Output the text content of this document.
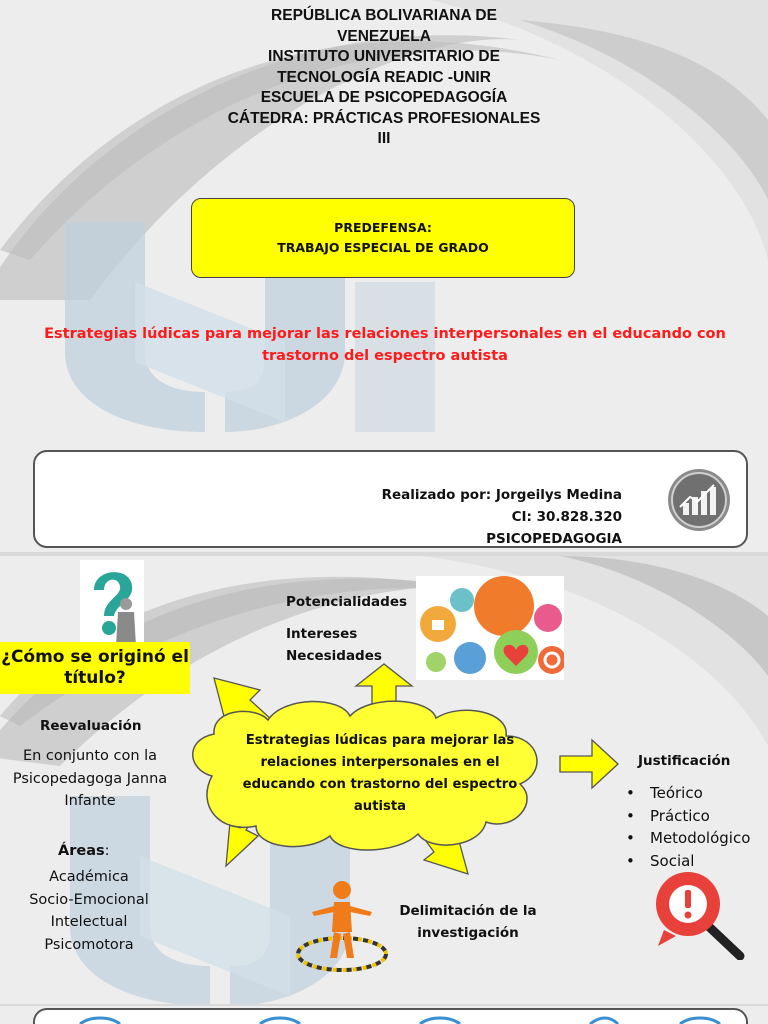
REPÚBLICA BOLIVARIANA DE
VENEZUELA
INSTITUTO UNIVERSITARIO DE
TECNOLOGÍA READIC -UNIR
ESCUELA DE PSICOPEDAGOGÍA
CÁTEDRA: PRÁCTICAS PROFESIONALES
III
PREDEFENSA:
TRABAJO ESPECIAL DE GRADO
Estrategias lúdicas para mejorar las relaciones interpersonales en el educando con
trastorno del espectro autista
Realizado por: Jorgeilys Medina
CI: 30.828.320
PSICOPEDAGOGIA
¿Cómo se originó el
título?
Estrategias lúdicas para mejorar las
relaciones interpersonales en el
educando con trastorno del espectro
autista
Potencialidades
Intereses
Necesidades
Justificación
• Teórico
• Práctico
• Metodológico
• Social
Reevaluación
En conjunto con la
Psicopedagoga Janna
Infante
Áreas:
Académica
Socio-Emocional
Intelectual
Psicomotora
Delimitación de la
investigación
